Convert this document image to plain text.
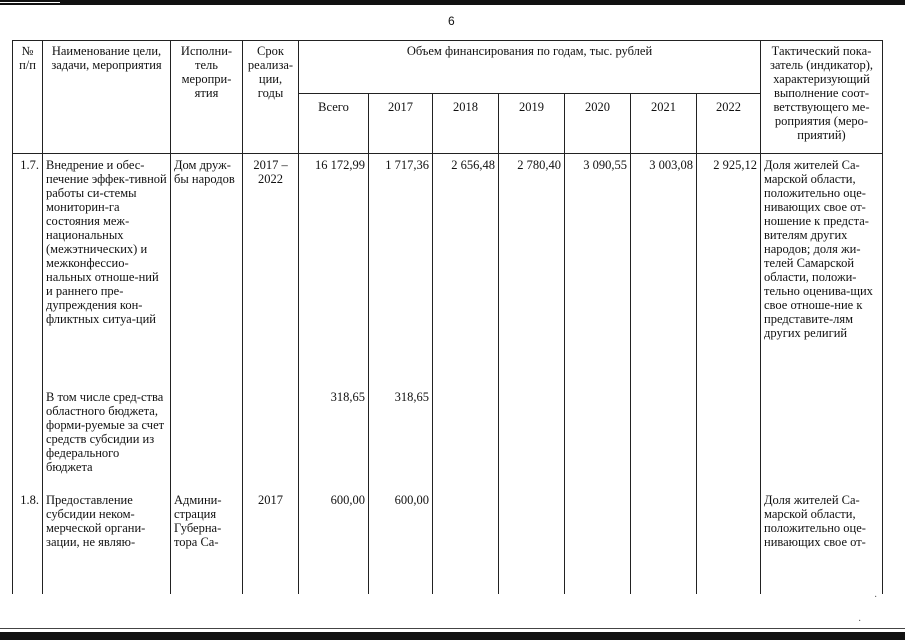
6
№ п/п	Наименование цели, задачи, мероприятия	Исполни-тель меропри-ятия	Срок реализа-ции, годы	Объем финансирования по годам, тыс. рублей							Тактический пока-затель (индикатор), характеризующий выполнение соот-ветствующего ме-роприятия (меро-приятий)
				Всего	2017	2018	2019	2020	2021	2022	
1.7.	Внедрение и обес-печение эффек-тивной работы си-стемы мониторин-га состояния меж-национальных (межэтнических) и межконфессио-нальных отноше-ний и раннего пре-дупреждения кон-фликтных ситуа-ций	Дом друж-бы народов	2017 – 2022	16 172,99	1 717,36	2 656,48	2 780,40	3 090,55	3 003,08	2 925,12	Доля жителей Са-марской области, положительно оце-нивающих свое от-ношение к предста-вителям других народов; доля жи-телей Самарской области, положи-тельно оценива-щих свое отноше-ние к представите-лям других религий
	В том числе сред-ства областного бюджета, форми-руемые за счет средств субсидии из федерального бюджета			318,65	318,65						
1.8.	Предоставление субсидии неком-мерческой органи-зации, не являю-	Админи-страция Губерна-тора Са-	2017	600,00	600,00						Доля жителей Са-марской области, положительно оце-нивающих свое от-
·
·
